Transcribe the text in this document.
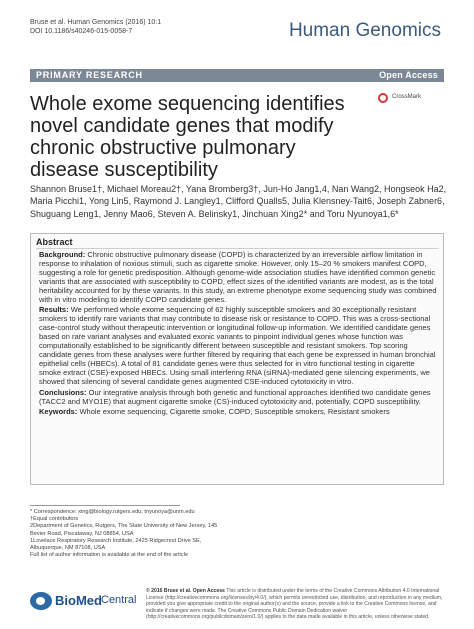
Bruse et al. Human Genomics (2016) 10:1
DOI 10.1186/s40246-015-0058-7	Human Genomics
PRIMARY RESEARCH	Open Access
Whole exome sequencing identifies novel candidate genes that modify chronic obstructive pulmonary disease susceptibility
CrossMark
Shannon Bruse1†, Michael Moreau2†, Yana Bromberg3†, Jun-Ho Jang1,4, Nan Wang2, Hongseok Ha2, Maria Picchi1, Yong Lin5, Raymond J. Langley1, Clifford Qualls5, Julia Klensney-Tait6, Joseph Zabner6, Shuguang Leng1, Jenny Mao6, Steven A. Belinsky1, Jinchuan Xing2* and Toru Nyunoya1,6*
Abstract

Background: Chronic obstructive pulmonary disease (COPD) is characterized by an irreversible airflow limitation in response to inhalation of noxious stimuli, such as cigarette smoke. However, only 15–20 % smokers manifest COPD, suggesting a role for genetic predisposition. Although genome-wide association studies have identified common genetic variants that are associated with susceptibility to COPD, effect sizes of the identified variants are modest, as is the total heritability accounted for by these variants. In this study, an extreme phenotype exome sequencing study was combined with in vitro modeling to identify COPD candidate genes.

Results: We performed whole exome sequencing of 62 highly susceptible smokers and 30 exceptionally resistant smokers to identify rare variants that may contribute to disease risk or resistance to COPD. This was a cross-sectional case-control study without therapeutic intervention or longitudinal follow-up information. We identified candidate genes based on rare variant analyses and evaluated exonic variants to pinpoint individual genes whose function was computationally established to be significantly different between susceptible and resistant smokers. Top scoring candidate genes from these analyses were further filtered by requiring that each gene be expressed in human bronchial epithelial cells (HBECs). A total of 81 candidate genes were thus selected for in vitro functional testing in cigarette smoke extract (CSE)-exposed HBECs. Using small interfering RNA (siRNA)-mediated gene silencing experiments, we showed that silencing of several candidate genes augmented CSE-induced cytotoxicity in vitro.

Conclusions: Our integrative analysis through both genetic and functional approaches identified two candidate genes (TACC2 and MYO1E) that augment cigarette smoke (CS)-induced cytotoxicity and, potentially, COPD susceptibility.

Keywords: Whole exome sequencing, Cigarette smoke, COPD, Susceptible smokers, Resistant smokers

* Correspondence: xing@biology.rutgers.edu; tnyunoya@unm.edu
†Equal contributors
2Department of Genetics, Rutgers, The State University of New Jersey, 145
Bevier Road, Piscataway, NJ 08854, USA
1Lovelace Respiratory Research Institute, 2425 Ridgecrest Drive SE,
Albuquerque, NM 87108, USA
Full list of author information is available at the end of the article
BioMed Central
© 2016 Bruse et al. Open Access This article is distributed under the terms of the Creative Commons Attribution 4.0 International License (http://creativecommons.org/licenses/by/4.0/), which permits unrestricted use, distribution, and reproduction in any medium, provided you give appropriate credit to the original author(s) and the source, provide a link to the Creative Commons license, and indicate if changes were made. The Creative Commons Public Domain Dedication waiver (http://creativecommons.org/publicdomain/zero/1.0/) applies to the data made available in this article, unless otherwise stated.
